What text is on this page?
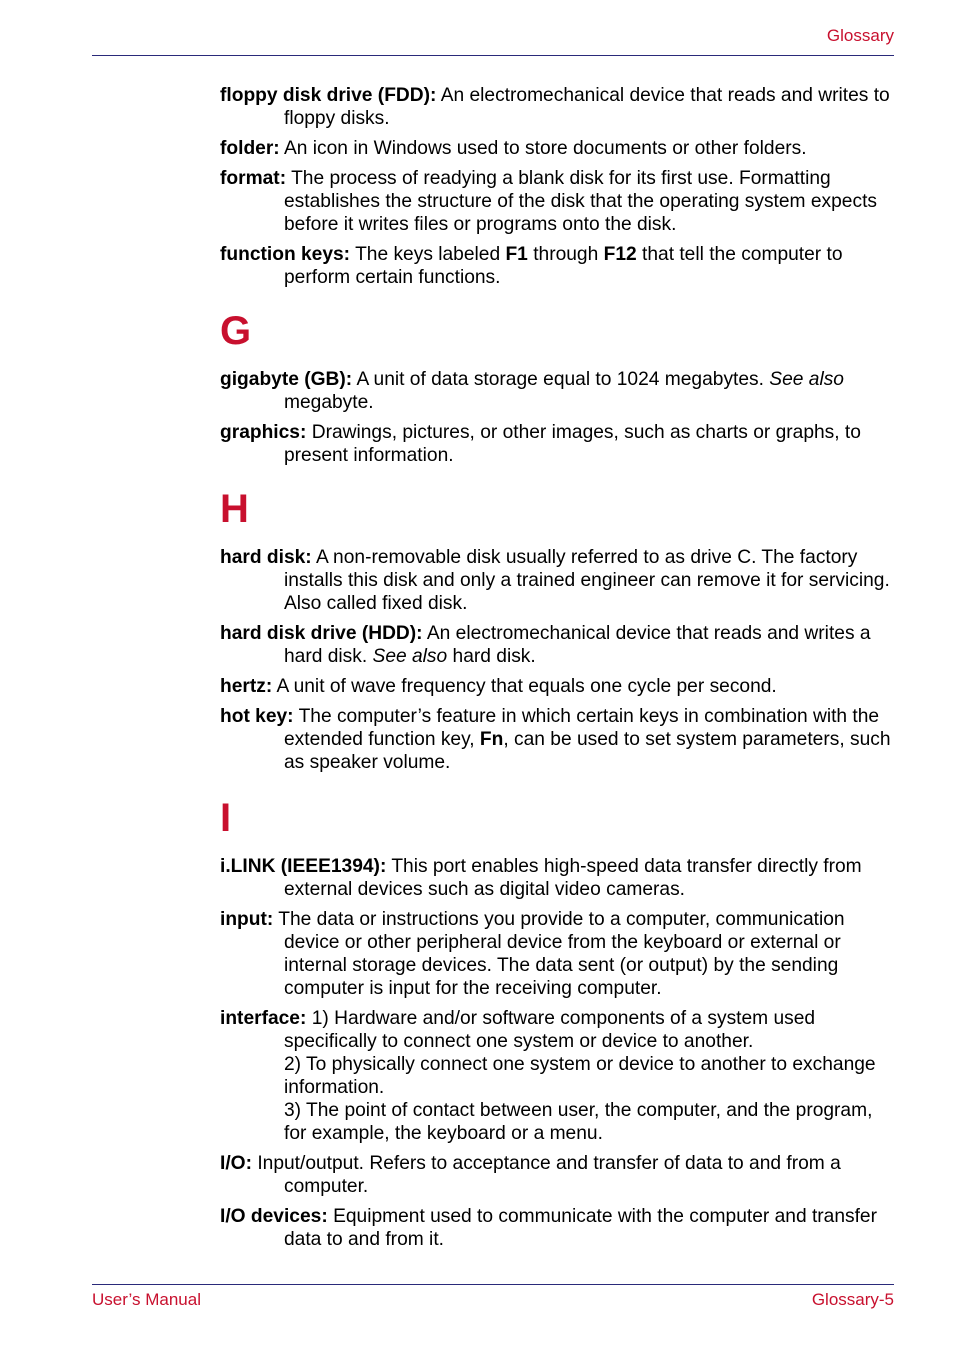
Glossary

floppy disk drive (FDD): An electromechanical device that reads and writes to floppy disks.

folder: An icon in Windows used to store documents or other folders.

format: The process of readying a blank disk for its first use. Formatting establishes the structure of the disk that the operating system expects before it writes files or programs onto the disk.

function keys: The keys labeled F1 through F12 that tell the computer to perform certain functions.

G

gigabyte (GB): A unit of data storage equal to 1024 megabytes. See also megabyte.

graphics: Drawings, pictures, or other images, such as charts or graphs, to present information.

H

hard disk: A non-removable disk usually referred to as drive C. The factory installs this disk and only a trained engineer can remove it for servicing. Also called fixed disk.

hard disk drive (HDD): An electromechanical device that reads and writes a hard disk. See also hard disk.

hertz: A unit of wave frequency that equals one cycle per second.

hot key: The computer’s feature in which certain keys in combination with the extended function key, Fn, can be used to set system parameters, such as speaker volume.

I

i.LINK (IEEE1394): This port enables high-speed data transfer directly from external devices such as digital video cameras.

input: The data or instructions you provide to a computer, communication device or other peripheral device from the keyboard or external or internal storage devices. The data sent (or output) by the sending computer is input for the receiving computer.

interface: 1) Hardware and/or software components of a system used specifically to connect one system or device to another.
2) To physically connect one system or device to another to exchange information.
3) The point of contact between user, the computer, and the program, for example, the keyboard or a menu.

I/O: Input/output. Refers to acceptance and transfer of data to and from a computer.

I/O devices: Equipment used to communicate with the computer and transfer data to and from it.

User’s Manual	Glossary-5
